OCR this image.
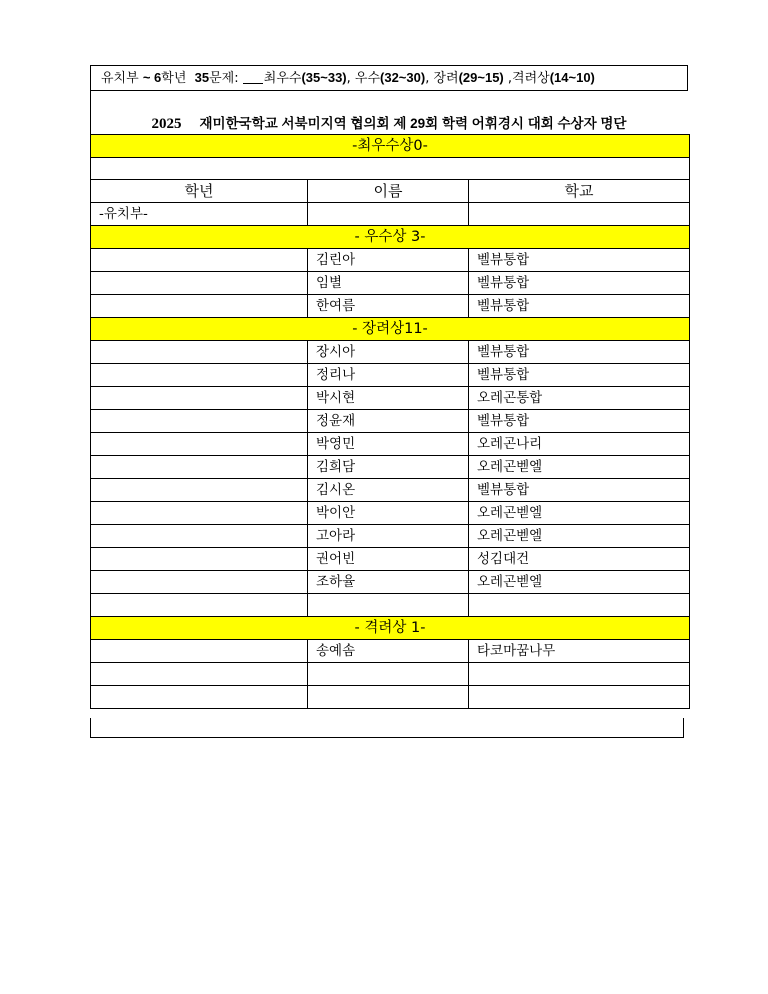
유치부 ~ 6학년 35문제: 최우수(35~33), 우수(32~30), 장려(29~15) ,격려상(14~10)
2025 재미한국학교 서북미지역 협의회 제 29회 학력 어휘경시 대회 수상자 명단
-최우수상0-		

학년	이름	학교
-유치부-		
- 우수상 3-		
	김린아	벨뷰통합
	임별	벨뷰통합
	한여름	벨뷰통합
- 장려상11-		
	장시아	벨뷰통합
	정리나	벨뷰통합
	박시현	오레곤통합
	정윤재	벨뷰통합
	박영민	오레곤나리
	김희담	오레곤벧엘
	김시온	벨뷰통합
	박이안	오레곤벧엘
	고아라	오레곤벧엘
	권어빈	성김대건
	조하율	오레곤벧엘

- 격려상 1-		
	송예솜	타코마꿈나무
